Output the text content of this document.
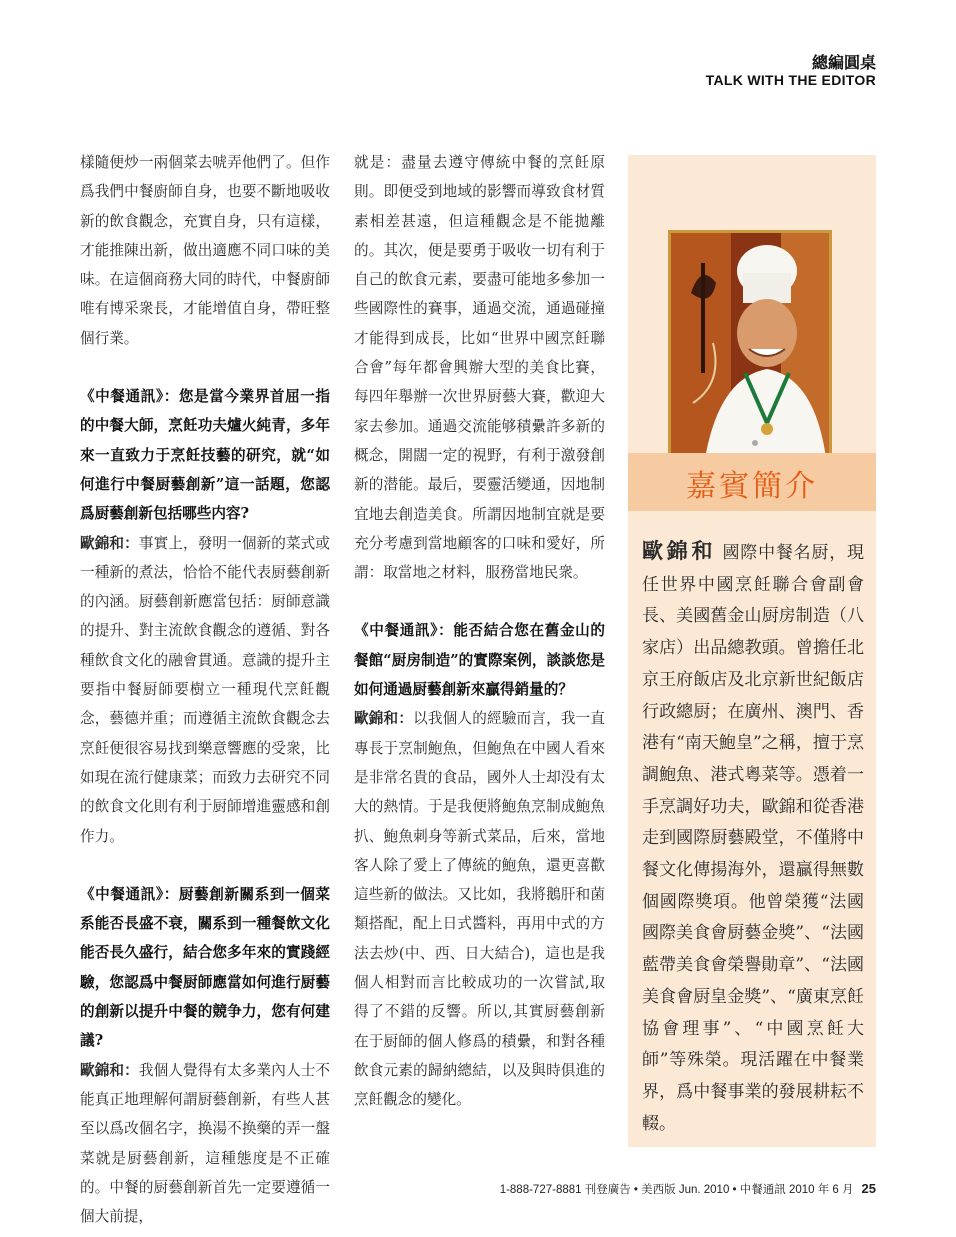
總編圓桌
TALK WITH THE EDITOR

樣隨便炒一兩個菜去唬弄他們了。但作爲我們中餐廚師自身，也要不斷地吸收新的飲食觀念，充實自身，只有這樣，才能推陳出新，做出適應不同口味的美味。在這個商務大同的時代，中餐廚師唯有博采衆長，才能增值自身，帶旺整個行業。

《中餐通訊》：您是當今業界首屈一指的中餐大師，烹飪功夫爐火純青，多年來一直致力于烹飪技藝的研究，就“如何進行中餐厨藝創新”這一話題，您認爲厨藝創新包括哪些内容?

歐錦和：事實上，發明一個新的菜式或一種新的煮法，恰恰不能代表厨藝創新的內涵。厨藝創新應當包括：厨師意識的提升、對主流飲食觀念的遵循、對各種飲食文化的融會貫通。意識的提升主要指中餐厨師要樹立一種現代烹飪觀念，藝德并重；而遵循主流飲食觀念去烹飪便很容易找到樂意響應的受衆，比如現在流行健康菜；而致力去研究不同的飲食文化則有利于厨師增進靈感和創作力。

《中餐通訊》：厨藝創新關系到一個菜系能否長盛不衰，關系到一種餐飲文化能否長久盛行，結合您多年來的實踐經驗，您認爲中餐厨師應當如何進行厨藝的創新以提升中餐的競争力，您有何建議?

歐錦和：我個人覺得有太多業內人士不能真正地理解何謂厨藝創新，有些人甚至以爲改個名字，换湯不换藥的弄一盤菜就是厨藝創新，這種態度是不正確的。中餐的厨藝創新首先一定要遵循一個大前提，

就是：盡量去遵守傳統中餐的烹飪原則。即便受到地域的影響而導致食材質素相差甚遠，但這種觀念是不能拋離的。其次，便是要勇于吸收一切有利于自己的飲食元素，要盡可能地多參加一些國際性的賽事，通過交流，通過碰撞才能得到成長，比如“世界中國烹飪聯合會”每年都會興辦大型的美食比賽，每四年舉辦一次世界厨藝大賽，歡迎大家去參加。通過交流能够積纍許多新的概念，開闊一定的視野，有利于激發創新的潜能。最后，要靈活變通，因地制宜地去創造美食。所謂因地制宜就是要充分考慮到當地顧客的口味和愛好，所謂：取當地之材料，服務當地民衆。

《中餐通訊》：能否結合您在舊金山的餐館“厨房制造”的實際案例，談談您是如何通過厨藝創新來贏得銷量的？

歐錦和：以我個人的經驗而言，我一直專長于烹制鮑魚，但鮑魚在中國人看來是非常名貴的食品，國外人士却没有太大的熱情。于是我便將鮑魚烹制成鮑魚扒、鮑魚刺身等新式菜品，后來，當地客人除了愛上了傳統的鮑魚，還更喜歡這些新的做法。又比如，我將鵝肝和菌類搭配，配上日式醬料，再用中式的方法去炒(中、西、日大結合)，這也是我個人相對而言比較成功的一次嘗試,取得了不錯的反響。所以,其實厨藝創新在于厨師的個人修爲的積纍，和對各種飲食元素的歸納總結，以及與時俱進的烹飪觀念的變化。

嘉賓簡介
歐錦和 國際中餐名厨，現任世界中國烹飪聯合會副會長、美國舊金山厨房制造（八家店）出品總教頭。曾擔任北京王府飯店及北京新世紀飯店行政總厨；在廣州、澳門、香港有“南天鮑皇”之稱，擅于烹調鮑魚、港式粵菜等。憑着一手烹調好功夫，歐錦和從香港走到國際厨藝殿堂，不僅將中餐文化傳揚海外，還贏得無數個國際獎項。他曾榮獲“法國國際美食會厨藝金獎”、“法國藍帶美食會榮譽勛章”、“法國美食會厨皇金獎”、“廣東烹飪協會理事”、“中國烹飪大師”等殊榮。現活躍在中餐業界，爲中餐事業的發展耕耘不輟。
1-888-727-8881 刊登廣告 • 美西版 Jun. 2010 • 中餐通訊 2010 年 6 月 25
